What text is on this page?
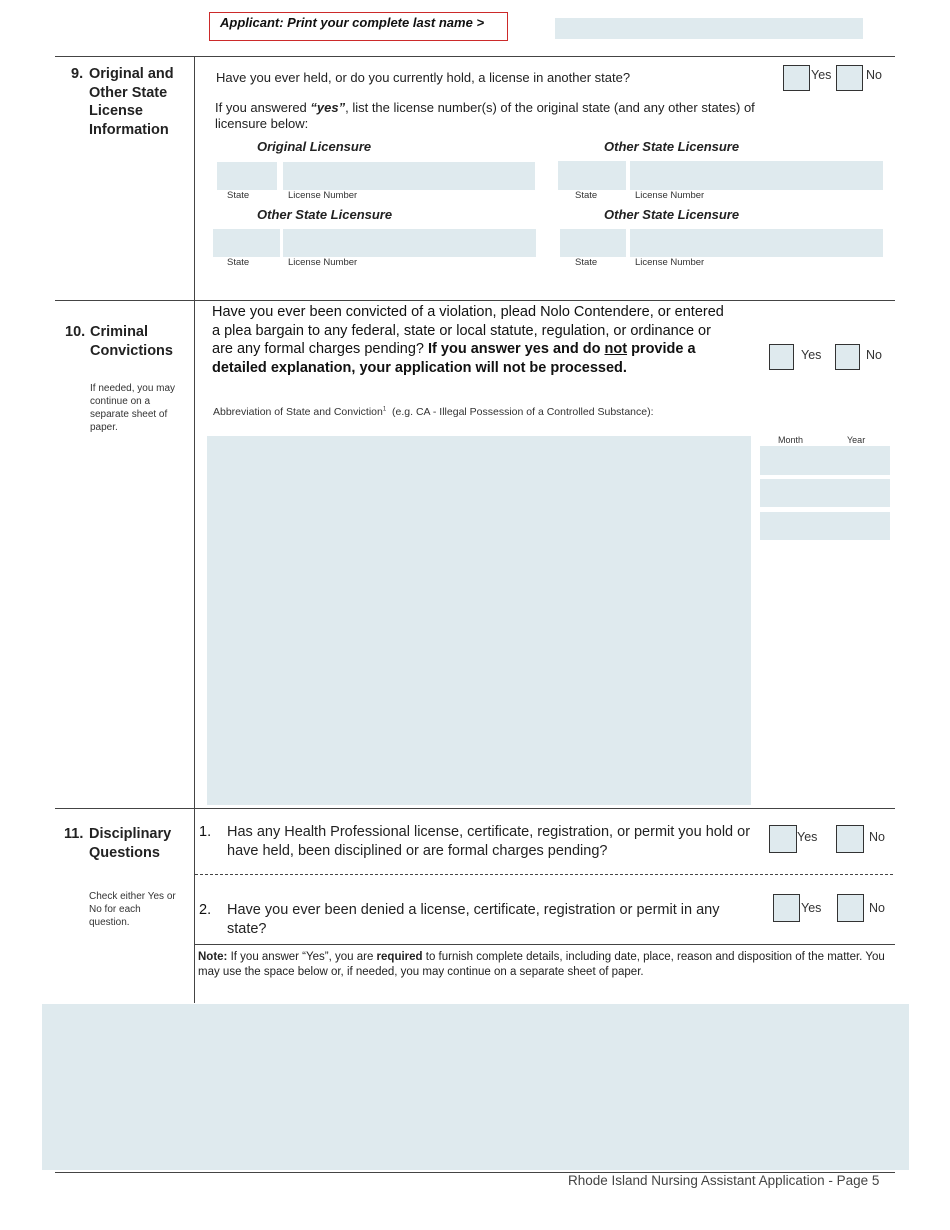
Applicant: Print your complete last name >
9. Original and Other State License Information
Have you ever held, or do you currently hold, a license in another state?	Yes	No
If you answered “yes”, list the license number(s) of the original state (and any other states) of licensure below:
Original Licensure
State	License Number
Other State Licensure
State	License Number
Other State Licensure
State	License Number
Other State Licensure
State	License Number
10. Criminal Convictions
If needed, you may continue on a separate sheet of paper.
Have you ever been convicted of a violation, plead Nolo Contendere, or entered a plea bargain to any federal, state or local statute, regulation, or ordinance or are any formal charges pending? If you answer yes and do not provide a detailed explanation, your application will not be processed.
Yes	No
Abbreviation of State and Conviction$^1$ (e.g. CA - Illegal Possession of a Controlled Substance):
Month	Year
11. Disciplinary Questions
Check either Yes or No for each question.
1. Has any Health Professional license, certificate, registration, or permit you hold or have held, been disciplined or are formal charges pending?
Yes	No
2. Have you ever been denied a license, certificate, registration or permit in any state?
Yes	No
Note: If you answer “Yes”, you are required to furnish complete details, including date, place, reason and disposition of the matter. You may use the space below or, if needed, you may continue on a separate sheet of paper.
Rhode Island Nursing Assistant Application - Page 5
